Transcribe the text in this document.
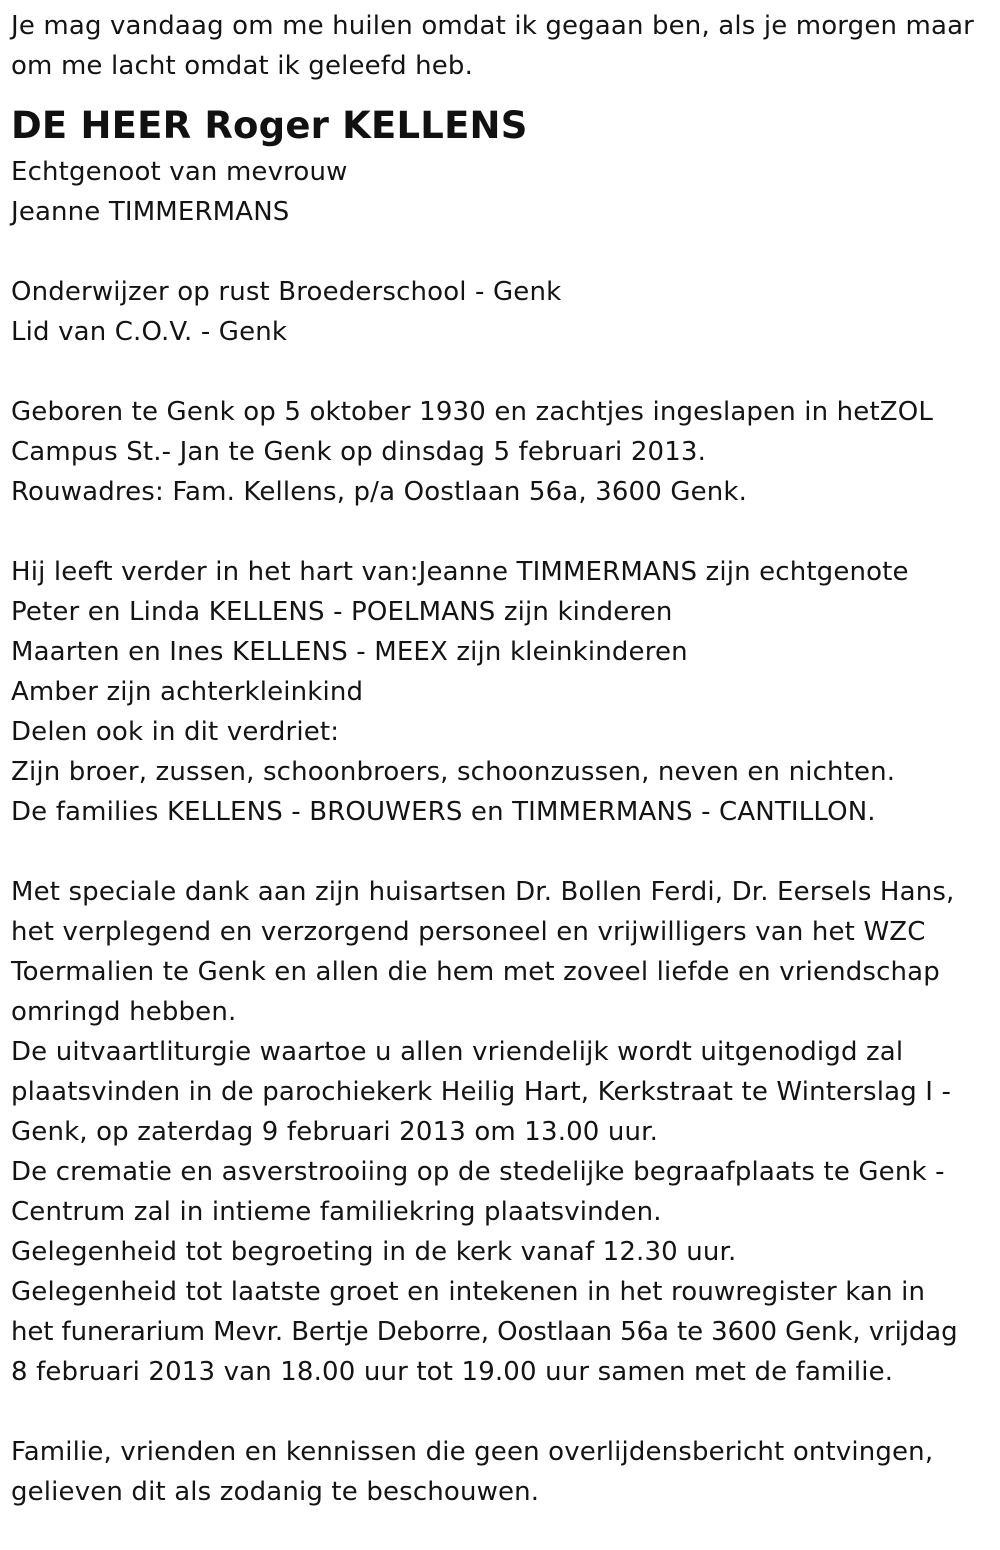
Je mag vandaag om me huilen omdat ik gegaan ben, als je morgen maar
om me lacht omdat ik geleefd heb.
DE HEER Roger KELLENS
Echtgenoot van mevrouw
Jeanne TIMMERMANS
Onderwijzer op rust Broederschool - Genk
Lid van C.O.V. - Genk
Geboren te Genk op 5 oktober 1930 en zachtjes ingeslapen in hetZOL
Campus St.- Jan te Genk op dinsdag 5 februari 2013.
Rouwadres: Fam. Kellens, p/a Oostlaan 56a, 3600 Genk.
Hij leeft verder in het hart van:Jeanne TIMMERMANS zijn echtgenote
Peter en Linda KELLENS - POELMANS zijn kinderen
Maarten en Ines KELLENS - MEEX zijn kleinkinderen
Amber zijn achterkleinkind
Delen ook in dit verdriet:
Zijn broer, zussen, schoonbroers, schoonzussen, neven en nichten.
De families KELLENS - BROUWERS en TIMMERMANS - CANTILLON.
Met speciale dank aan zijn huisartsen Dr. Bollen Ferdi, Dr. Eersels Hans,
het verplegend en verzorgend personeel en vrijwilligers van het WZC
Toermalien te Genk en allen die hem met zoveel liefde en vriendschap
omringd hebben.
De uitvaartliturgie waartoe u allen vriendelijk wordt uitgenodigd zal
plaatsvinden in de parochiekerk Heilig Hart, Kerkstraat te Winterslag I -
Genk, op zaterdag 9 februari 2013 om 13.00 uur.
De crematie en asverstrooiing op de stedelijke begraafplaats te Genk -
Centrum zal in intieme familiekring plaatsvinden.
Gelegenheid tot begroeting in de kerk vanaf 12.30 uur.
Gelegenheid tot laatste groet en intekenen in het rouwregister kan in
het funerarium Mevr. Bertje Deborre, Oostlaan 56a te 3600 Genk, vrijdag
8 februari 2013 van 18.00 uur tot 19.00 uur samen met de familie.
Familie, vrienden en kennissen die geen overlijdensbericht ontvingen,
gelieven dit als zodanig te beschouwen.
